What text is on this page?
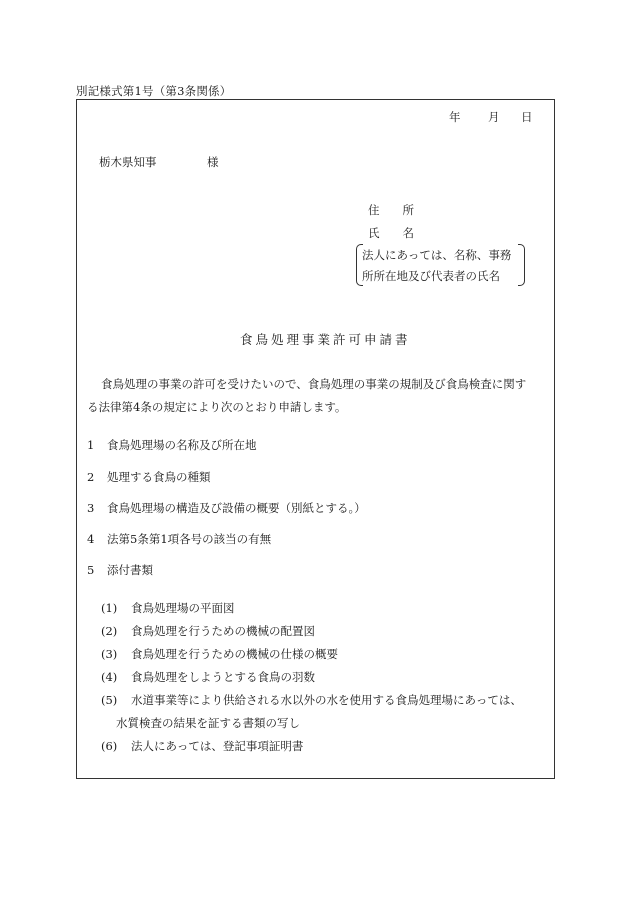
別記様式第1号（第3条関係）
年 月 日
栃木県知事	様
住　　所
氏　　名
法人にあっては、名称、事務
所所在地及び代表者の氏名
食鳥処理事業許可申請書
食鳥処理の事業の許可を受けたいので、食鳥処理の事業の規制及び食鳥検査に関す
る法律第4条の規定により次のとおり申請します。
1 食鳥処理場の名称及び所在地
2 処理する食鳥の種類
3 食鳥処理場の構造及び設備の概要（別紙とする。）
4 法第5条第1項各号の該当の有無
5 添付書類
(1) 食鳥処理場の平面図
(2) 食鳥処理を行うための機械の配置図
(3) 食鳥処理を行うための機械の仕様の概要
(4) 食鳥処理をしようとする食鳥の羽数
(5) 水道事業等により供給される水以外の水を使用する食鳥処理場にあっては、
水質検査の結果を証する書類の写し
(6) 法人にあっては、登記事項証明書
